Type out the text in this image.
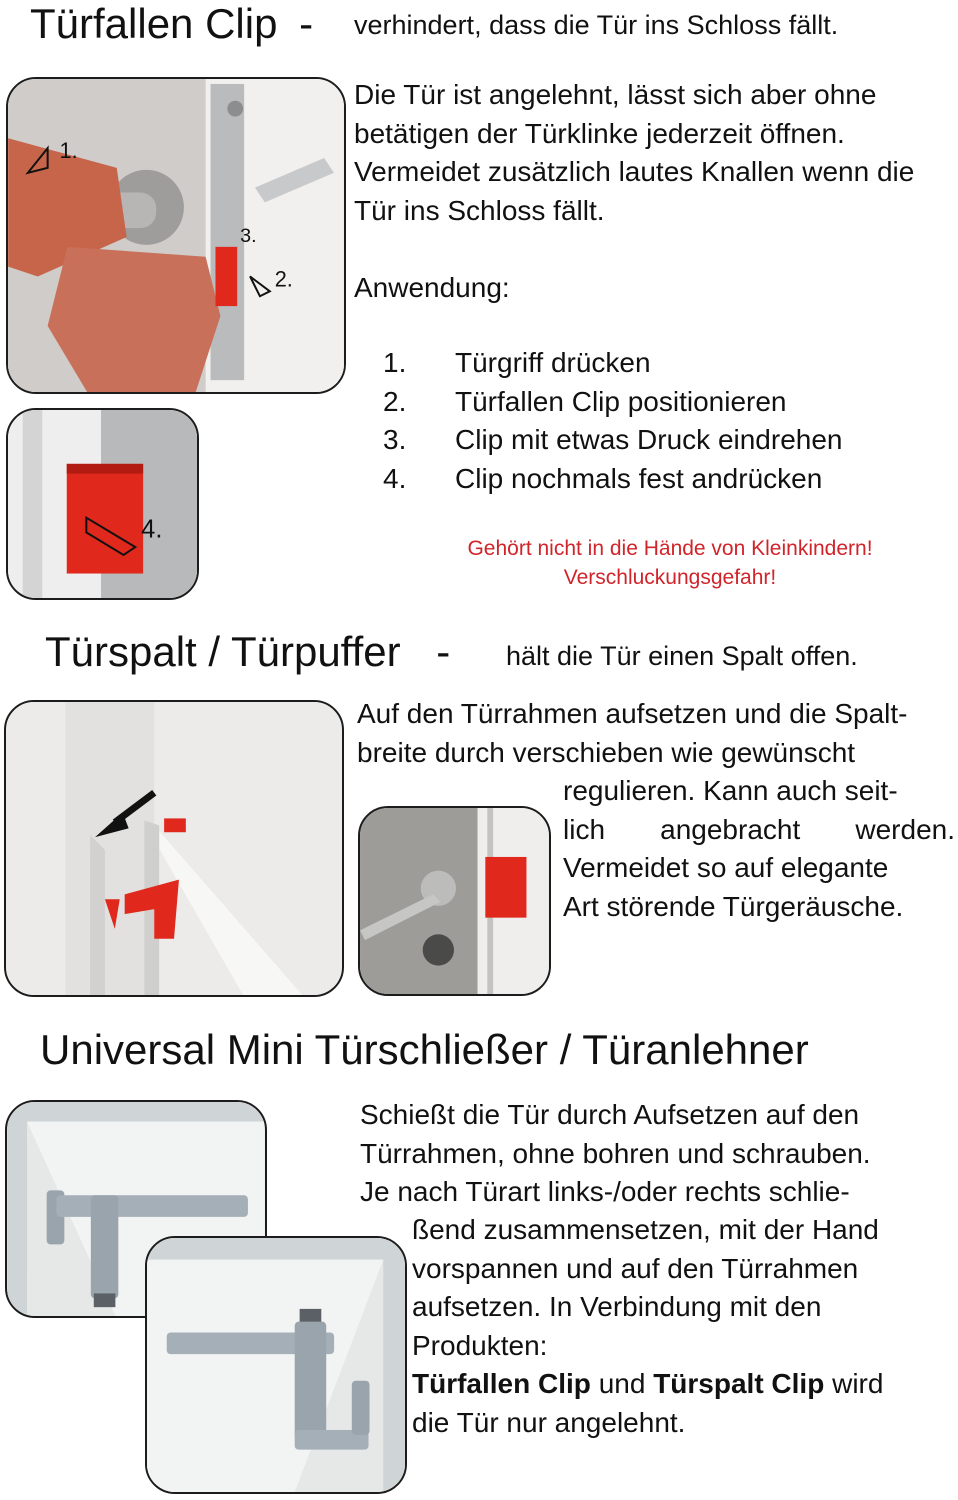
Türfallen Clip - verhindert, dass die Tür ins Schloss fällt.
1.
2.
3.
4.

Die Tür ist angelehnt, lässt sich aber ohne betätigen der Türklinke jederzeit öffnen. Vermeidet zusätzlich lautes Knallen wenn die Tür ins Schloss fällt.

Anwendung:

1.	Türgriff drücken
2.	Türfallen Clip positionieren
3.	Clip mit etwas Druck eindrehen
4.	Clip nochmals fest andrücken
Gehört nicht in die Hände von Kleinkindern!
Verschluckungsgefahr!
Türspalt / Türpuffer - hält die Tür einen Spalt offen.
Auf den Türrahmen aufsetzen und die Spalt-
breite durch verschieben wie gewünscht
regulieren. Kann auch seit-
lich angebracht werden.
Vermeidet so auf elegante
Art störende Türgeräusche.
Universal Mini Türschließer / Türanlehner
Schießt die Tür durch Aufsetzen auf den
Türrahmen, ohne bohren und schrauben.
Je nach Türart links-/oder rechts schlie-
ßend zusammensetzen, mit der Hand
vorspannen und auf den Türrahmen
aufsetzen. In Verbindung mit den
Produkten:
Türfallen Clip und Türspalt Clip wird
die Tür nur angelehnt.
